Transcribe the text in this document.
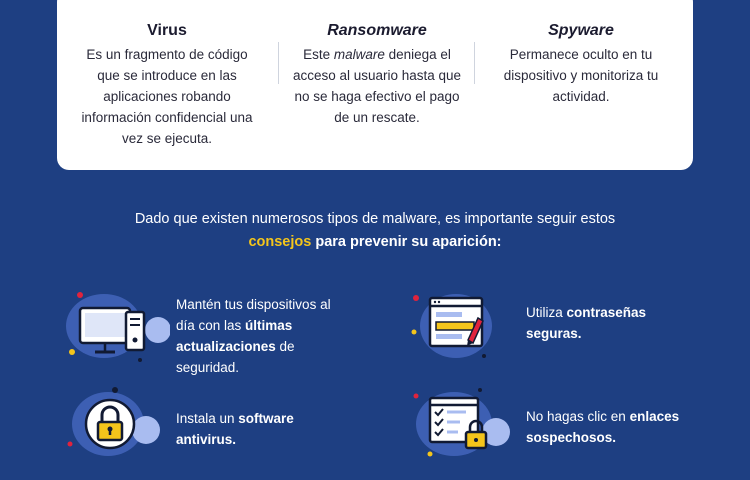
Virus

Es un fragmento de código que se introduce en las aplicaciones robando información confidencial una vez se ejecuta.

Ransomware

Este malware deniega el acceso al usuario hasta que no se haga efectivo el pago de un rescate.

Spyware

Permanece oculto en tu dispositivo y monitoriza tu actividad.

Dado que existen numerosos tipos de malware, es importante seguir estos
consejos para prevenir su aparición:
Mantén tus dispositivos al día con las últimas actualizaciones de seguridad.
Utiliza contraseñas seguras.
Instala un software antivirus.
No hagas clic en enlaces sospechosos.
